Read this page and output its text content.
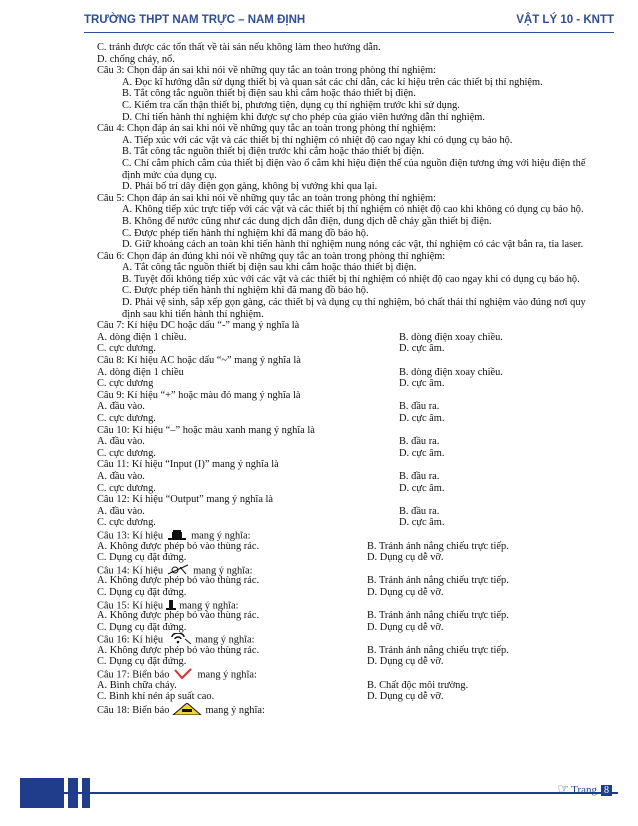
TRƯỜNG THPT NAM TRỰC – NAM ĐỊNH	VẬT LÝ 10 - KNTT
C. tránh được các tổn thất về tài sản nếu không làm theo hướng dẫn.
D. chống cháy, nổ.
Câu 3: Chọn đáp án sai khi nói về những quy tắc an toàn trong phòng thí nghiệm:
A. Đọc kĩ hướng dẫn sử dụng thiết bị và quan sát các chỉ dẫn, các kí hiệu trên các thiết bị thí nghiệm.
B. Tắt công tắc nguồn thiết bị điện sau khi cắm hoặc tháo thiết bị điện.
C. Kiểm tra cẩn thận thiết bị, phương tiện, dụng cụ thí nghiệm trước khi sử dụng.
D. Chỉ tiến hành thí nghiệm khi được sự cho phép của giáo viên hướng dẫn thí nghiệm.
Câu 4: Chọn đáp án sai khi nói về những quy tắc an toàn trong phòng thí nghiệm:
A. Tiếp xúc với các vật và các thiết bị thí nghiệm có nhiệt độ cao ngay khi có dụng cụ bảo hộ.
B. Tắt công tắc nguồn thiết bị điện trước khi cắm hoặc tháo thiết bị điện.
C. Chỉ cắm phích cắm của thiết bị điện vào ổ cắm khi hiệu điện thế của nguồn điện tương ứng với hiệu điện thế định mức của dụng cụ.
D. Phải bố trí dây điện gọn gàng, không bị vướng khi qua lại.
Câu 5: Chọn đáp án sai khi nói về những quy tắc an toàn trong phòng thí nghiệm:
A. Không tiếp xúc trực tiếp với các vật và các thiết bị thí nghiệm có nhiệt độ cao khi không có dụng cụ bảo hộ.
B. Không để nước cũng như các dung dịch dẫn điện, dung dịch dễ cháy gần thiết bị điện.
C. Được phép tiến hành thí nghiệm khi đã mang đồ bảo hộ.
D. Giữ khoảng cách an toàn khi tiến hành thí nghiệm nung nóng các vật, thí nghiệm có các vật bắn ra, tia laser.
Câu 6: Chọn đáp án đúng khi nói về những quy tắc an toàn trong phòng thí nghiệm:
A. Tắt công tắc nguồn thiết bị điện sau khi cắm hoặc tháo thiết bị điện.
B. Tuyệt đối không tiếp xúc với các vật và các thiết bị thí nghiệm có nhiệt độ cao ngay khi có dụng cụ bảo hộ.
C. Được phép tiến hành thí nghiệm khi đã mang đồ bảo hộ.
D. Phải vệ sinh, sắp xếp gọn gàng, các thiết bị và dụng cụ thí nghiệm, bỏ chất thải thí nghiệm vào đúng nơi quy định sau khi tiến hành thí nghiệm.
Câu 7: Kí hiệu DC hoặc dấu “-” mang ý nghĩa là
A. dòng điện 1 chiều.	B. dòng điện xoay chiều.
C. cực dương.	D. cực âm.
Câu 8: Kí hiệu AC hoặc dấu “~” mang ý nghĩa là
A. dòng điện 1 chiều	B. dòng điện xoay chiều.
C. cực dương	D. cực âm.
Câu 9: Kí hiệu “+” hoặc màu đỏ mang ý nghĩa là
A. đầu vào.	B. đầu ra.
C. cực dương.	D. cực âm.
Câu 10: Kí hiệu “–” hoặc màu xanh mang ý nghĩa là
A. đầu vào.	B. đầu ra.
C. cực dương.	D. cực âm.
Câu 11: Kí hiệu “Input (I)” mang ý nghĩa là
A. đầu vào.	B. đầu ra.
C. cực dương.	D. cực âm.
Câu 12: Kí hiệu “Output” mang ý nghĩa là
A. đầu vào.	B. đầu ra.
C. cực dương.	D. cực âm.
Câu 13: Kí hiệu	mang ý nghĩa:
A. Không được phép bỏ vào thùng rác.	B. Tránh ánh nắng chiếu trực tiếp.
C. Dụng cụ đặt đứng.	D. Dụng cụ dễ vỡ.
Câu 14: Kí hiệu	mang ý nghĩa:
A. Không được phép bỏ vào thùng rác.	B. Tránh ánh nắng chiếu trực tiếp.
C. Dụng cụ đặt đứng.	D. Dụng cụ dễ vỡ.
Câu 15: Kí hiệu mang ý nghĩa:
A. Không được phép bỏ vào thùng rác.	B. Tránh ánh nắng chiếu trực tiếp.
C. Dụng cụ đặt đứng.	D. Dụng cụ dễ vỡ.
Câu 16: Kí hiệu	mang ý nghĩa:
A. Không được phép bỏ vào thùng rác.	B. Tránh ánh nắng chiếu trực tiếp.
C. Dụng cụ đặt đứng.	D. Dụng cụ dễ vỡ.
Câu 17: Biển báo	mang ý nghĩa:
A. Bình chữa cháy.	B. Chất độc môi trường.
C. Bình khí nén áp suất cao.	D. Dụng cụ dễ vỡ.
Câu 18: Biển báo	mang ý nghĩa:
☞ Trang 8
